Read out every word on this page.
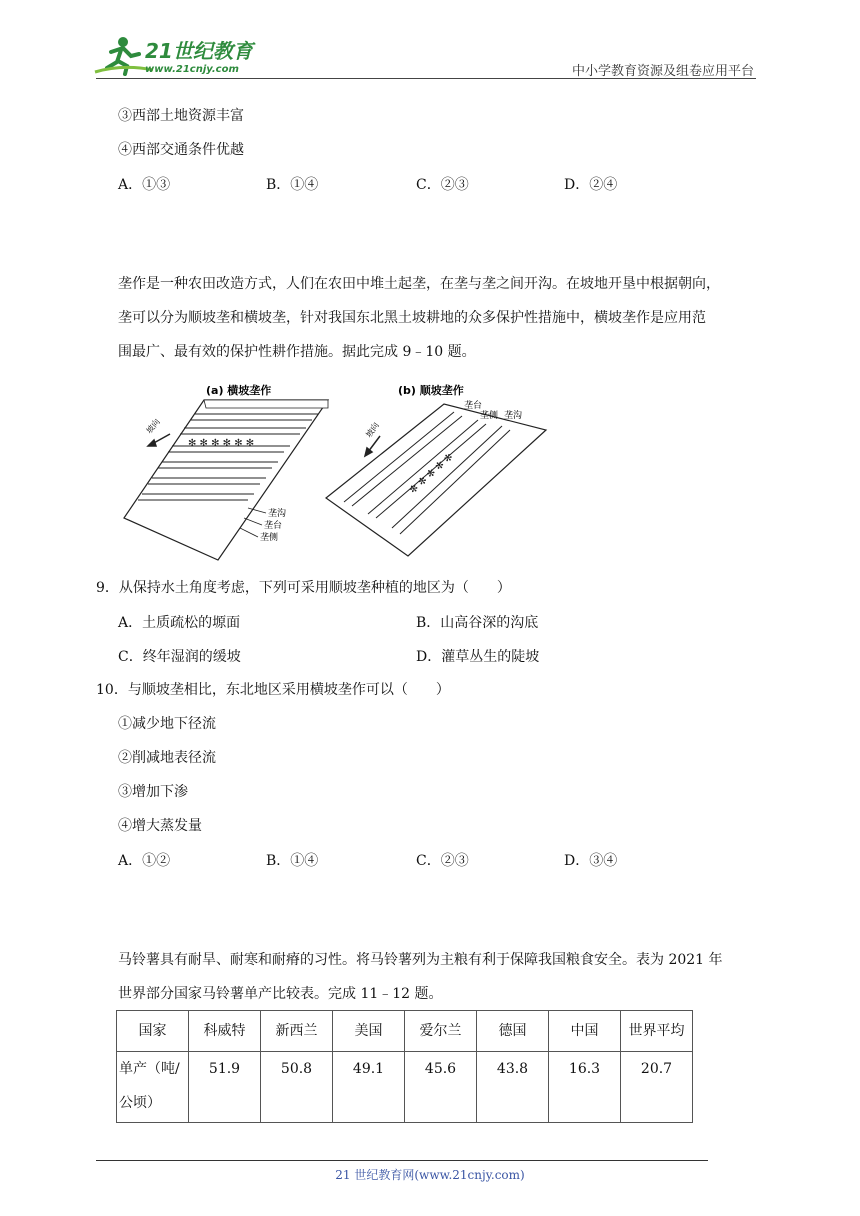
21世纪教育
www.21cnjy.com	中小学教育资源及组卷应用平台
③西部土地资源丰富
④西部交通条件优越
A．①③	B．①④	C．②③	D．②④
垄作是一种农田改造方式，人们在农田中堆土起垄，在垄与垄之间开沟。在坡地开垦中根据朝向，
垄可以分为顺坡垄和横坡垄，针对我国东北黑土坡耕地的众多保护性措施中，横坡垄作是应用范
围最广、最有效的保护性耕作措施。据此完成 9﹣10 题。
(a) 横坡垄作
✻ ✻ ✻ ✻ ✻ ✻
坡向
垄沟
垄台
垄侧
(b) 顺坡垄作
✻ ✻ ✻ ✻ ✻
坡向
垄台
垄侧 垄沟
9．从保持水土角度考虑，下列可采用顺坡垄种植的地区为（　　）
A．土质疏松的塬面	B．山高谷深的沟底
C．终年湿润的缓坡	D．灌草丛生的陡坡
10．与顺坡垄相比，东北地区采用横坡垄作可以（　　）
①减少地下径流
②削减地表径流
③增加下渗
④增大蒸发量
A．①②	B．①④	C．②③	D．③④
马铃薯具有耐旱、耐寒和耐瘠的习性。将马铃薯列为主粮有利于保障我国粮食安全。表为 2021 年
世界部分国家马铃薯单产比较表。完成 11﹣12 题。
国家	科威特	新西兰	美国	爱尔兰	德国	中国	世界平均
单产（吨/
公顷）	51.9	50.8	49.1	45.6	43.8	16.3	20.7
21 世纪教育网(www.21cnjy.com)
